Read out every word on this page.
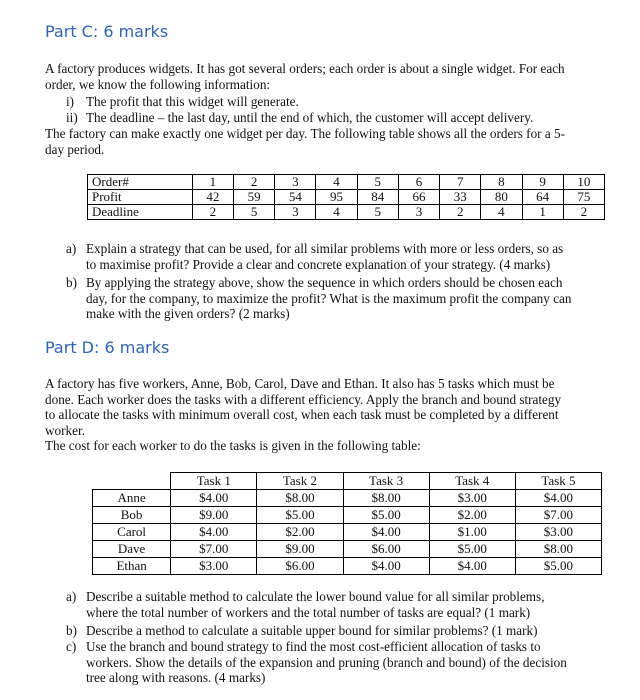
Part C: 6 marks
A factory produces widgets. It has got several orders; each order is about a single widget. For each
order, we know the following information:
i) The profit that this widget will generate.
ii) The deadline – the last day, until the end of which, the customer will accept delivery.
The factory can make exactly one widget per day. The following table shows all the orders for a 5-
day period.
Order#	1	2	3	4	5	6	7	8	9	10
Profit	42	59	54	95	84	66	33	80	64	75
Deadline	2	5	3	4	5	3	2	4	1	2
a) Explain a strategy that can be used, for all similar problems with more or less orders, so as
to maximise profit? Provide a clear and concrete explanation of your strategy. (4 marks)
b) By applying the strategy above, show the sequence in which orders should be chosen each
day, for the company, to maximize the profit? What is the maximum profit the company can
make with the given orders? (2 marks)
Part D: 6 marks
A factory has five workers, Anne, Bob, Carol, Dave and Ethan. It also has 5 tasks which must be
done. Each worker does the tasks with a different efficiency. Apply the branch and bound strategy
to allocate the tasks with minimum overall cost, when each task must be completed by a different
worker.
The cost for each worker to do the tasks is given in the following table:
	Task 1	Task 2	Task 3	Task 4	Task 5
Anne	$4.00	$8.00	$8.00	$3.00	$4.00
Bob	$9.00	$5.00	$5.00	$2.00	$7.00
Carol	$4.00	$2.00	$4.00	$1.00	$3.00
Dave	$7.00	$9.00	$6.00	$5.00	$8.00
Ethan	$3.00	$6.00	$4.00	$4.00	$5.00
a) Describe a suitable method to calculate the lower bound value for all similar problems,
where the total number of workers and the total number of tasks are equal? (1 mark)
b) Describe a method to calculate a suitable upper bound for similar problems? (1 mark)
c) Use the branch and bound strategy to find the most cost-efficient allocation of tasks to
workers. Show the details of the expansion and pruning (branch and bound) of the decision
tree along with reasons. (4 marks)
